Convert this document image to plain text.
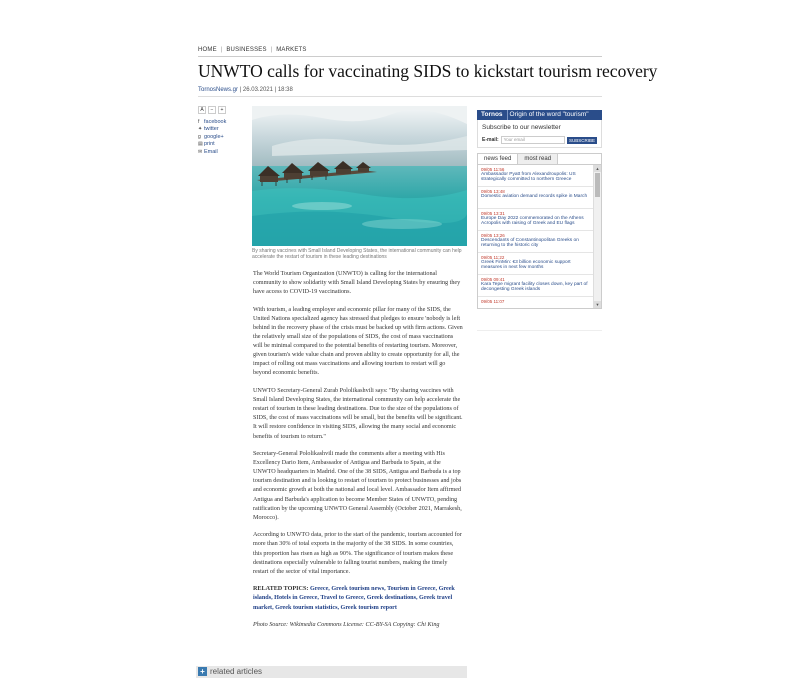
HOME | BUSINESSES | MARKETS
UNWTO calls for vaccinating SIDS to kickstart tourism recovery
TornosNews.gr | 26.03.2021 | 18:38
A	−	+
f facebook
✦ twitter
g google+
▤ print
✉ Email
By sharing vaccines with Small Island Developing States, the international community can help accelerate the restart of tourism in these leading destinations

The World Tourism Organization (UNWTO) is calling for the international community to show solidarity with Small Island Developing States by ensuring they have access to COVID-19 vaccinations.

With tourism, a leading employer and economic pillar for many of the SIDS, the United Nations specialized agency has stressed that pledges to ensure 'nobody is left behind in the recovery phase of the crisis must be backed up with firm actions. Given the relatively small size of the populations of SIDS, the cost of mass vaccinations will be minimal compared to the potential benefits of restarting tourism. Moreover, given tourism's wide value chain and proven ability to create opportunity for all, the impact of rolling out mass vaccinations and allowing tourism to restart will go beyond economic benefits.

UNWTO Secretary-General Zurab Pololikashvili says: "By sharing vaccines with Small Island Developing States, the international community can help accelerate the restart of tourism in these leading destinations. Due to the size of the populations of SIDS, the cost of mass vaccinations will be small, but the benefits will be significant. It will restore confidence in visiting SIDS, allowing the many social and economic benefits of tourism to return."

Secretary-General Pololikashvili made the comments after a meeting with His Excellency Dario Item, Ambassador of Antigua and Barbuda to Spain, at the UNWTO headquarters in Madrid. One of the 38 SIDS, Antigua and Barbuda is a top tourism destination and is looking to restart of tourism to protect businesses and jobs and economic growth at both the national and local level. Ambassador Item affirmed Antigua and Barbuda's application to become Member States of UNWTO, pending ratification by the upcoming UNWTO General Assembly (October 2021, Marrakesh, Morocco).

According to UNWTO data, prior to the start of the pandemic, tourism accounted for more than 30% of total exports in the majority of the 38 SIDS. In some countries, this proportion has risen as high as 90%. The significance of tourism makes these destinations especially vulnerable to falling tourist numbers, making the timely restart of the sector of vital importance.

RELATED TOPICS: Greece, Greek tourism news, Tourism in Greece, Greek islands, Hotels in Greece, Travel to Greece, Greek destinations, Greek travel market, Greek tourism statistics, Greek tourism report

Photo Source: Wikimedia Commons License: CC-BY-SA Copying: Chi King

+ related articles
Tornos	Origin of the word "tourism"
Subscribe to our newsletter
E-mail:	Your email	SUBSCRIBE
news feed	most read
09/05 11:56
Ambassador Pyatt from Alexandroupolis: US strategically committed to northern Greece
09/05 13:48
Domestic aviation demand records spike in March
09/05 13:31
Europe Day 2022 commemorated on the Athens Acropolis with raising of Greek and EU flags
09/05 13:26
Descendants of Constantinopolitan Greeks on returning to the historic city
09/05 11:22
Greek FinMin: €3 billion economic support measures in next few months
09/05 09:41
Kara Tepe migrant facility closes down, key part of decongesting Greek islands
09/05 11:07
▲
▼
